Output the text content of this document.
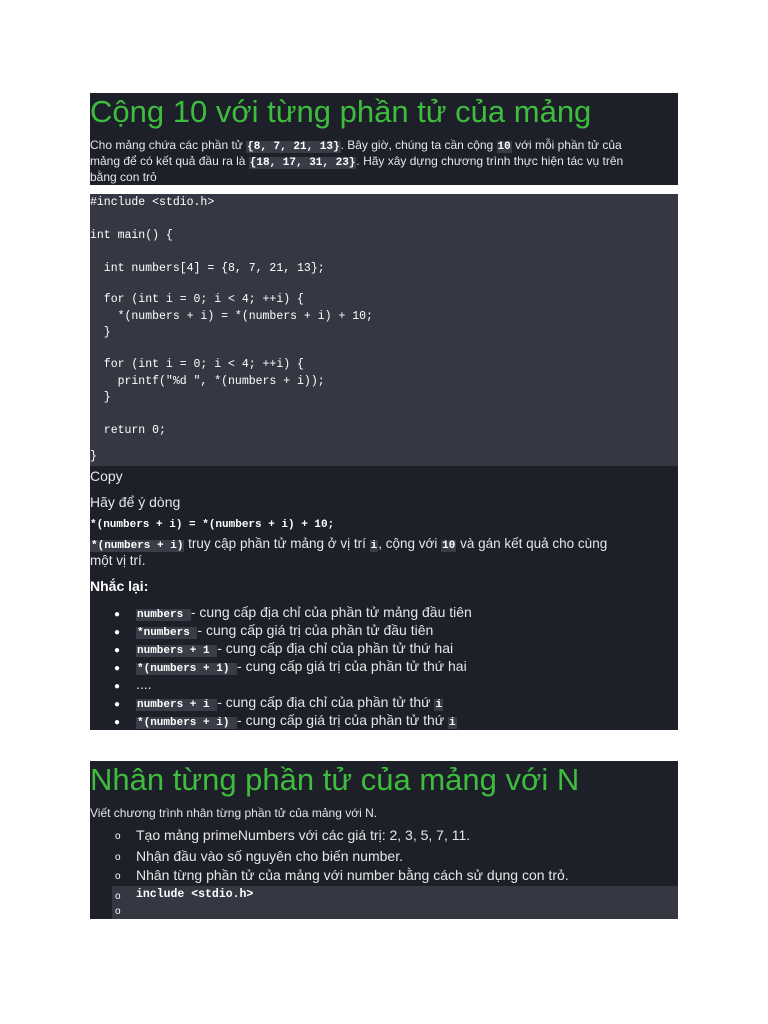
Cộng 10 với từng phần tử của mảng
Cho mảng chứa các phần tử {8, 7, 21, 13}. Bây giờ, chúng ta cần cộng 10 với mỗi phần tử của
mảng để có kết quả đầu ra là {18, 17, 31, 23}. Hãy xây dựng chương trình thực hiện tác vụ trên
bằng con trỏ
#include <stdio.h>
int main() {
int numbers[4] = {8, 7, 21, 13};
for (int i = 0; i < 4; ++i) {
*(numbers + i) = *(numbers + i) + 10;
}
for (int i = 0; i < 4; ++i) {
printf("%d ", *(numbers + i));
}
return 0;
}
Copy
Hãy để ý dòng
*(numbers + i) = *(numbers + i) + 10;
*(numbers + i) truy cập phần tử mảng ở vị trí i, cộng với 10 và gán kết quả cho cùng
một vị trí.
Nhắc lại:
● numbers - cung cấp địa chỉ của phần tử mảng đầu tiên
● *numbers - cung cấp giá trị của phần tử đầu tiên
● numbers + 1 - cung cấp địa chỉ của phần tử thứ hai
● *(numbers + 1) - cung cấp giá trị của phần tử thứ hai
● ....
● numbers + i - cung cấp địa chỉ của phần tử thứ i
● *(numbers + i) - cung cấp giá trị của phần tử thứ i
Nhân từng phần tử của mảng với N
Viết chương trình nhân từng phần tử của mảng với N.
o Tạo mảng primeNumbers với các giá trị: 2, 3, 5, 7, 11.
o Nhận đầu vào số nguyên cho biến number.
o Nhân từng phần tử của mảng với number bằng cách sử dụng con trỏ.
o include <stdio.h>
o
